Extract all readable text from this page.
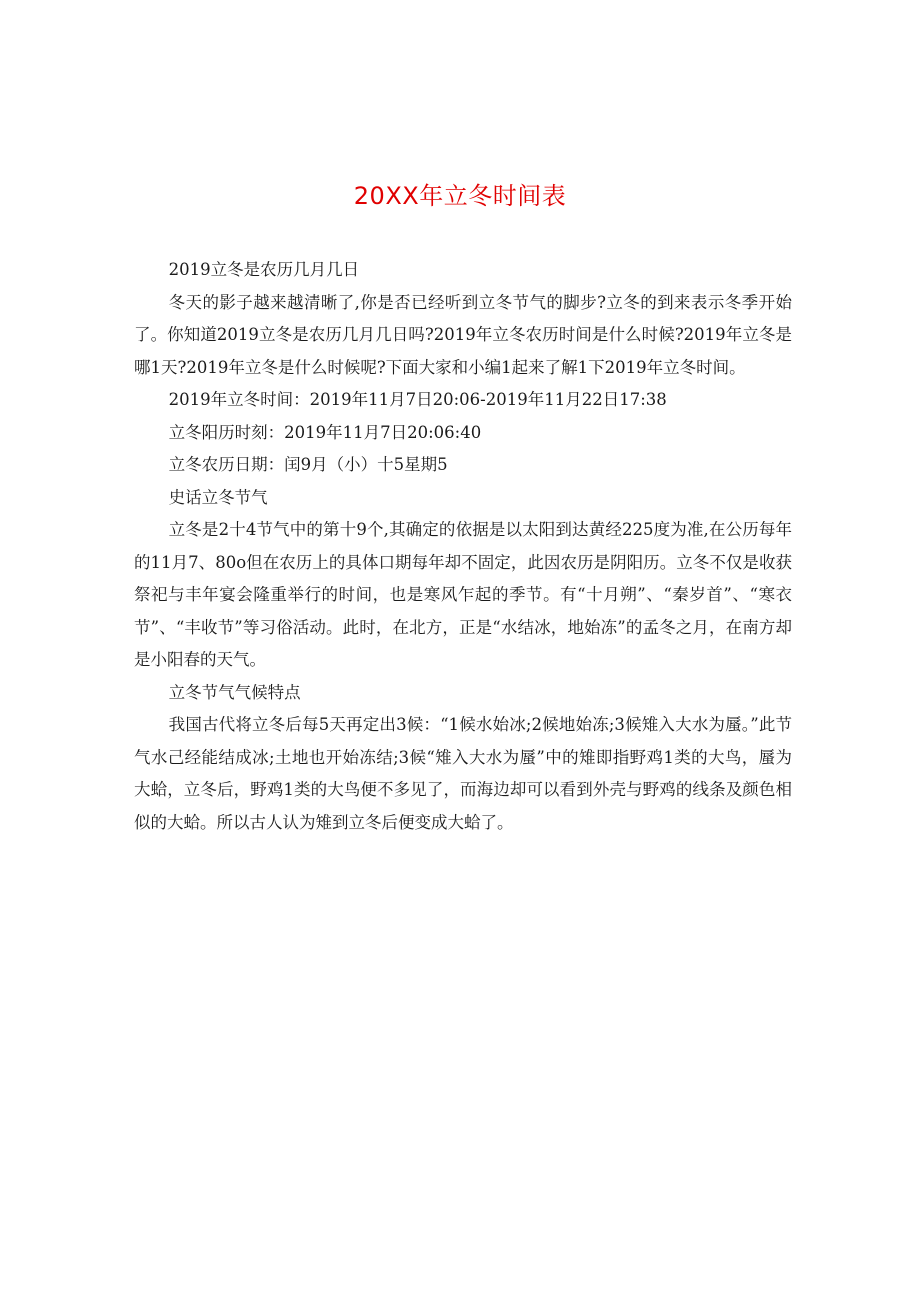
20XX年立冬时间表

2019立冬是农历几月几日

冬天的影子越来越清晰了,你是否已经听到立冬节气的脚步?立冬的到来表示冬季开始了。你知道2019立冬是农历几月几日吗?2019年立冬农历时间是什么时候?2019年立冬是哪1天?2019年立冬是什么时候呢?下面大家和小编1起来了解1下2019年立冬时间。

2019年立冬时间：2019年11月7日20:06-2019年11月22日17:38

立冬阳历时刻：2019年11月7日20:06:40

立冬农历日期：闰9月（小）十5星期5

史话立冬节气

立冬是2十4节气中的第十9个,其确定的依据是以太阳到达黄经225度为准,在公历每年的11月7、80o但在农历上的具体口期每年却不固定，此因农历是阴阳历。立冬不仅是收获祭祀与丰年宴会隆重举行的时间，也是寒风乍起的季节。有“十月朔”、“秦岁首”、“寒衣节”、“丰收节”等习俗活动。此时，在北方，正是“水结冰，地始冻”的孟冬之月，在南方却是小阳春的天气。

立冬节气气候特点

我国古代将立冬后每5天再定出3候：“1候水始冰;2候地始冻;3候雉入大水为蜃。”此节气水己经能结成冰;土地也开始冻结;3候“雉入大水为蜃”中的雉即指野鸡1类的大鸟，蜃为大蛤，立冬后，野鸡1类的大鸟便不多见了，而海边却可以看到外壳与野鸡的线条及颜色相似的大蛤。所以古人认为雉到立冬后便变成大蛤了。
